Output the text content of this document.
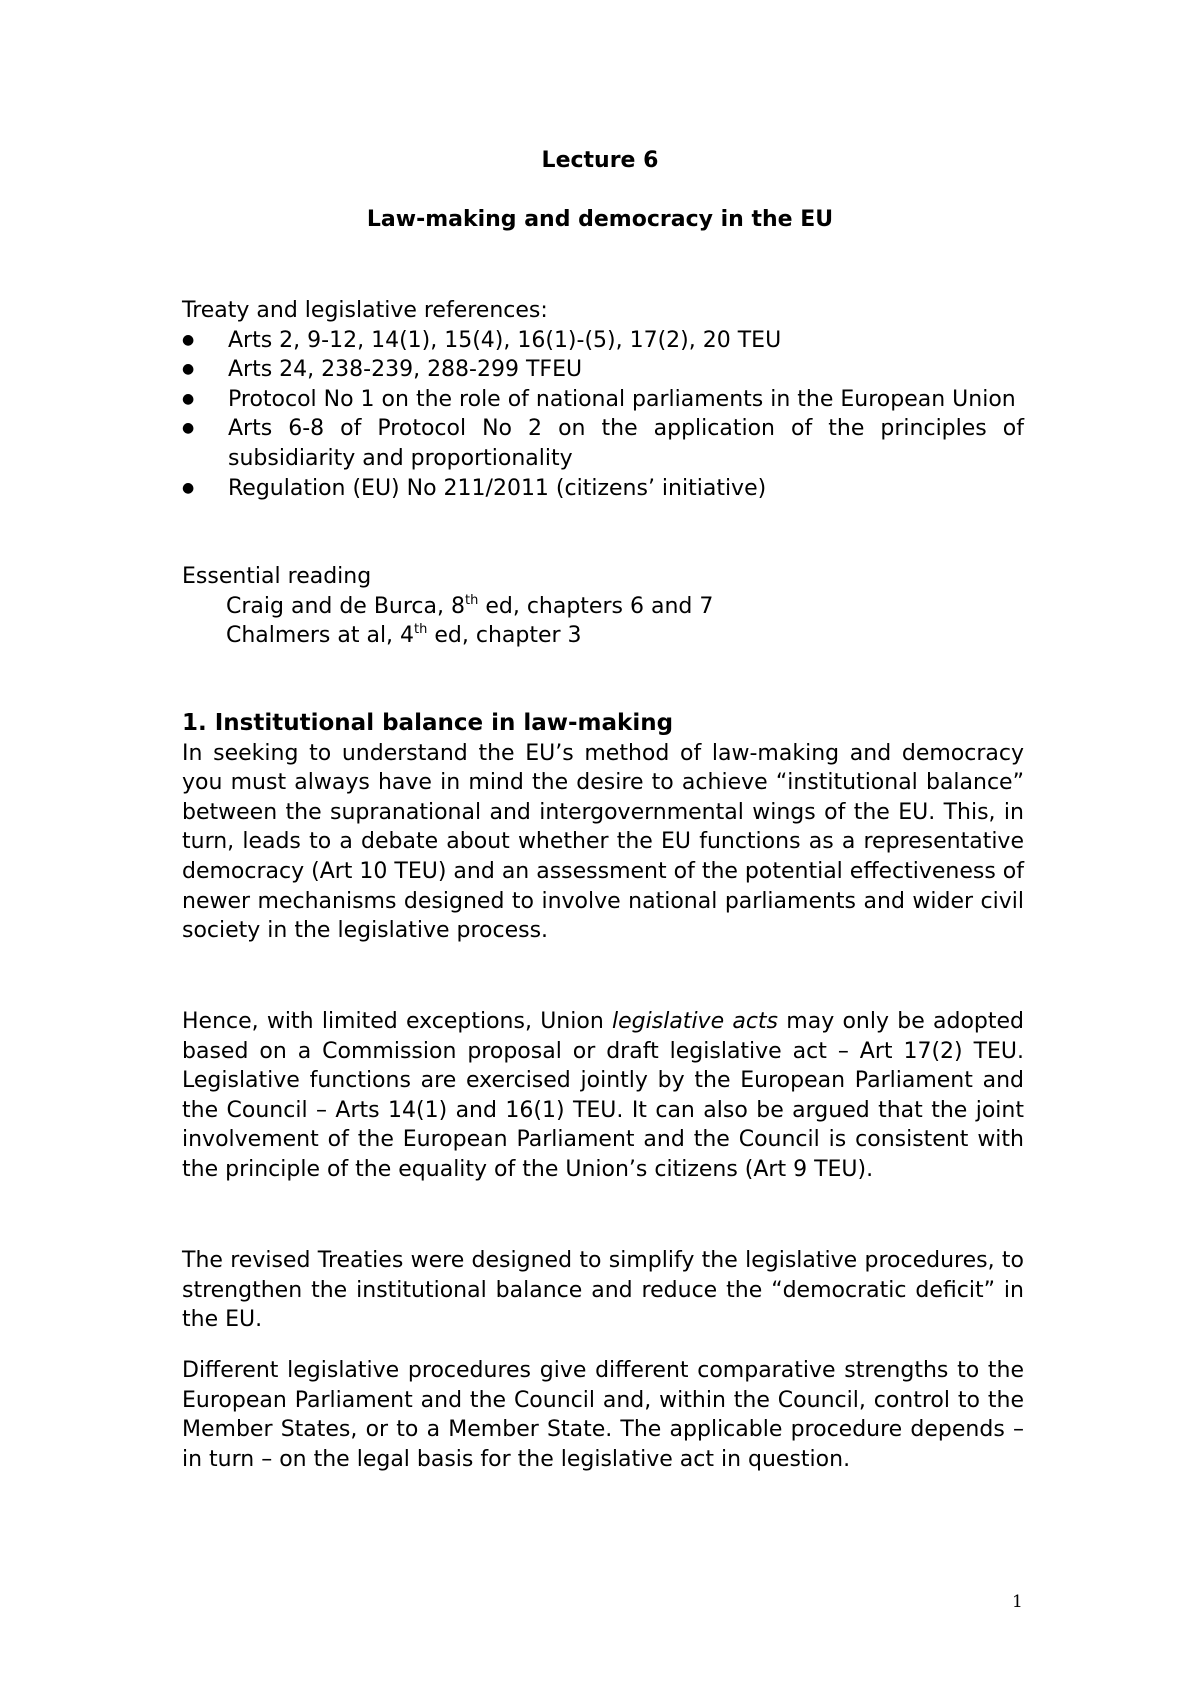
Lecture 6
Law-making and democracy in the EU
Treaty and legislative references:
● Arts 2, 9-12, 14(1), 15(4), 16(1)-(5), 17(2), 20 TEU
● Arts 24, 238-239, 288-299 TFEU
● Protocol No 1 on the role of national parliaments in the European Union
● Arts 6-8 of Protocol No 2 on the application of the principles of subsidiarity and proportionality
● Regulation (EU) No 211/2011 (citizens’ initiative)
Essential reading
Craig and de Burca, 8th ed, chapters 6 and 7
Chalmers at al, 4th ed, chapter 3
1. Institutional balance in law-making
In seeking to understand the EU’s method of law-making and democracy you must always have in mind the desire to achieve “institutional balance” between the supranational and intergovernmental wings of the EU. This, in turn, leads to a debate about whether the EU functions as a representative democracy (Art 10 TEU) and an assessment of the potential effectiveness of newer mechanisms designed to involve national parliaments and wider civil society in the legislative process.
Hence, with limited exceptions, Union legislative acts may only be adopted based on a Commission proposal or draft legislative act – Art 17(2) TEU. Legislative functions are exercised jointly by the European Parliament and the Council – Arts 14(1) and 16(1) TEU. It can also be argued that the joint involvement of the European Parliament and the Council is consistent with the principle of the equality of the Union’s citizens (Art 9 TEU).
The revised Treaties were designed to simplify the legislative procedures, to strengthen the institutional balance and reduce the “democratic deficit” in the EU.
Different legislative procedures give different comparative strengths to the European Parliament and the Council and, within the Council, control to the Member States, or to a Member State. The applicable procedure depends – in turn – on the legal basis for the legislative act in question.
1
